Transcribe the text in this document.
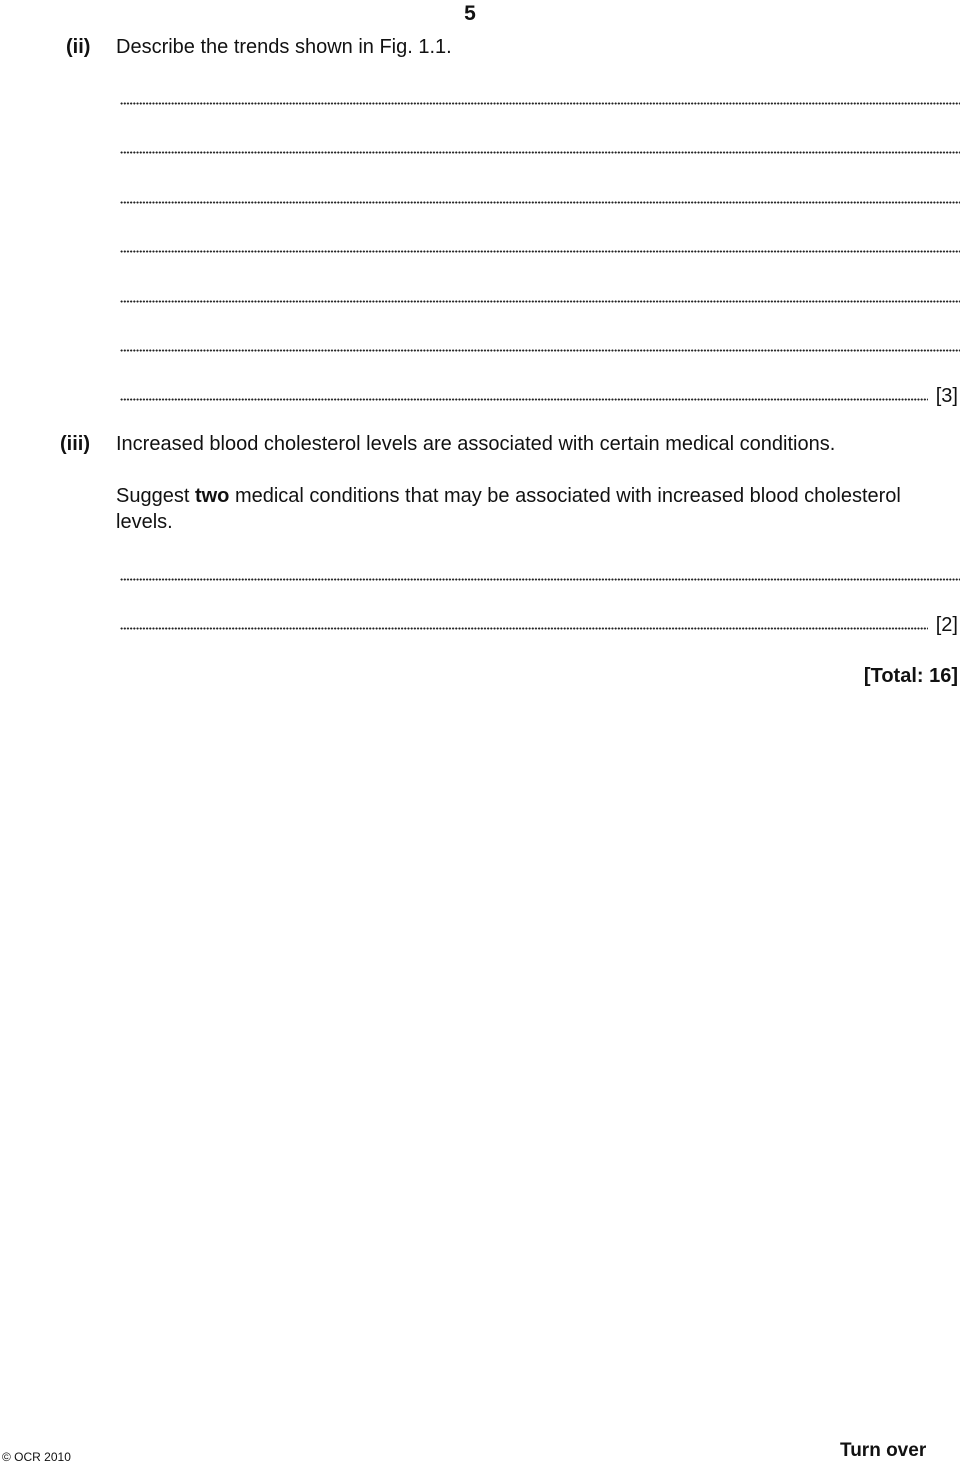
5
(ii) Describe the trends shown in Fig. 1.1.
[3]
(iii) Increased blood cholesterol levels are associated with certain medical conditions.
Suggest two medical conditions that may be associated with increased blood cholesterol
levels.
[2]
[Total: 16]
© OCR 2010	Turn over
